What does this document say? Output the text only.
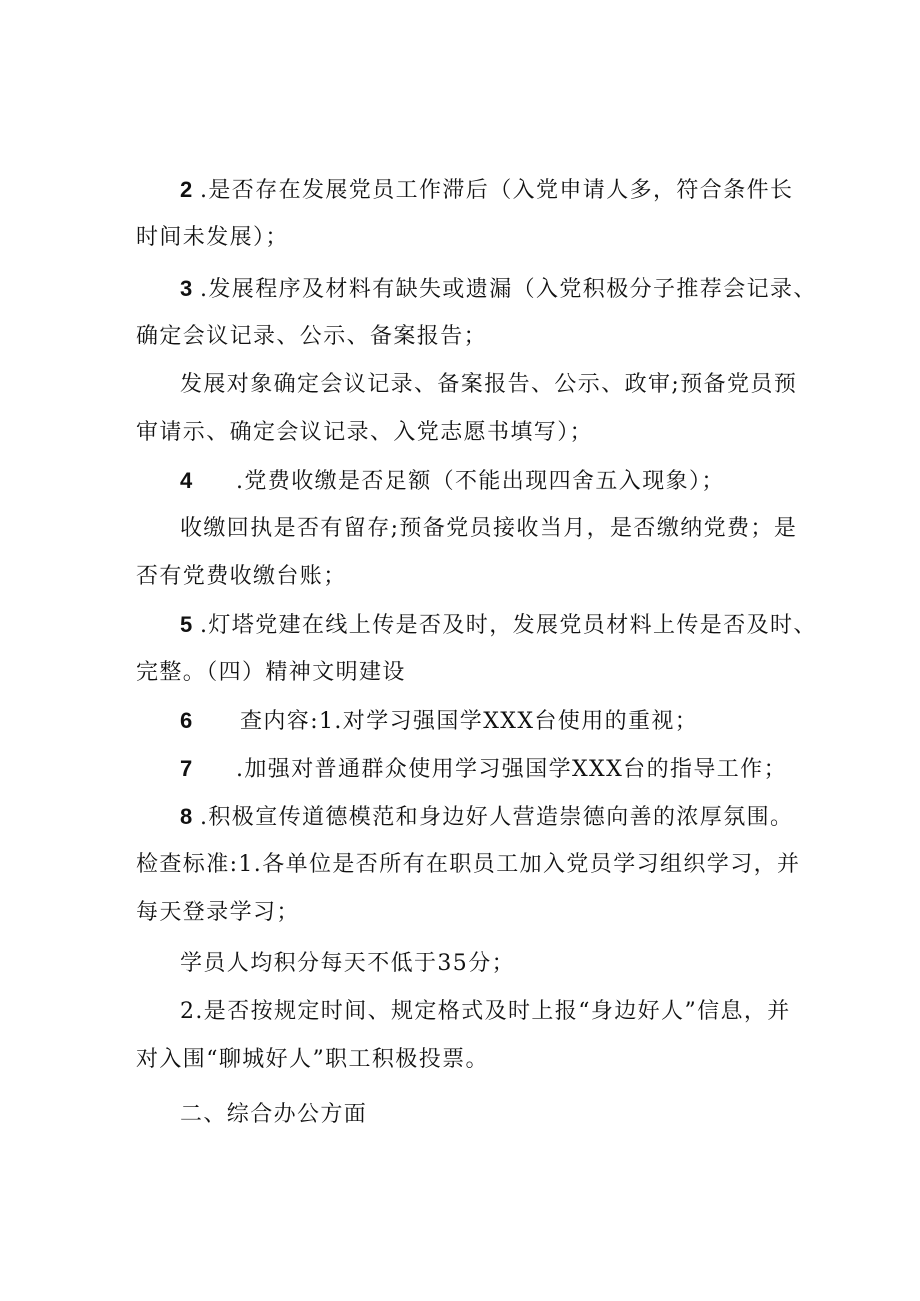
2 .是否存在发展党员工作滞后（入党申请人多，符合条件长
时间未发展）；
3 .发展程序及材料有缺失或遗漏（入党积极分子推荐会记录、
确定会议记录、公示、备案报告；
发展对象确定会议记录、备案报告、公示、政审;预备党员预
审请示、确定会议记录、入党志愿书填写）；
4 .党费收缴是否足额（不能出现四舍五入现象）；
收缴回执是否有留存;预备党员接收当月，是否缴纳党费；是
否有党费收缴台账；
5 .灯塔党建在线上传是否及时，发展党员材料上传是否及时、
完整。（四）精神文明建设
6 查内容:1.对学习强国学XXX台使用的重视；
7 .加强对普通群众使用学习强国学XXX台的指导工作；
8 .积极宣传道德模范和身边好人营造崇德向善的浓厚氛围。
检查标准:1.各单位是否所有在职员工加入党员学习组织学习，并
每天登录学习；
学员人均积分每天不低于35分；
2.是否按规定时间、规定格式及时上报“身边好人”信息，并
对入围“聊城好人”职工积极投票。
二、综合办公方面
